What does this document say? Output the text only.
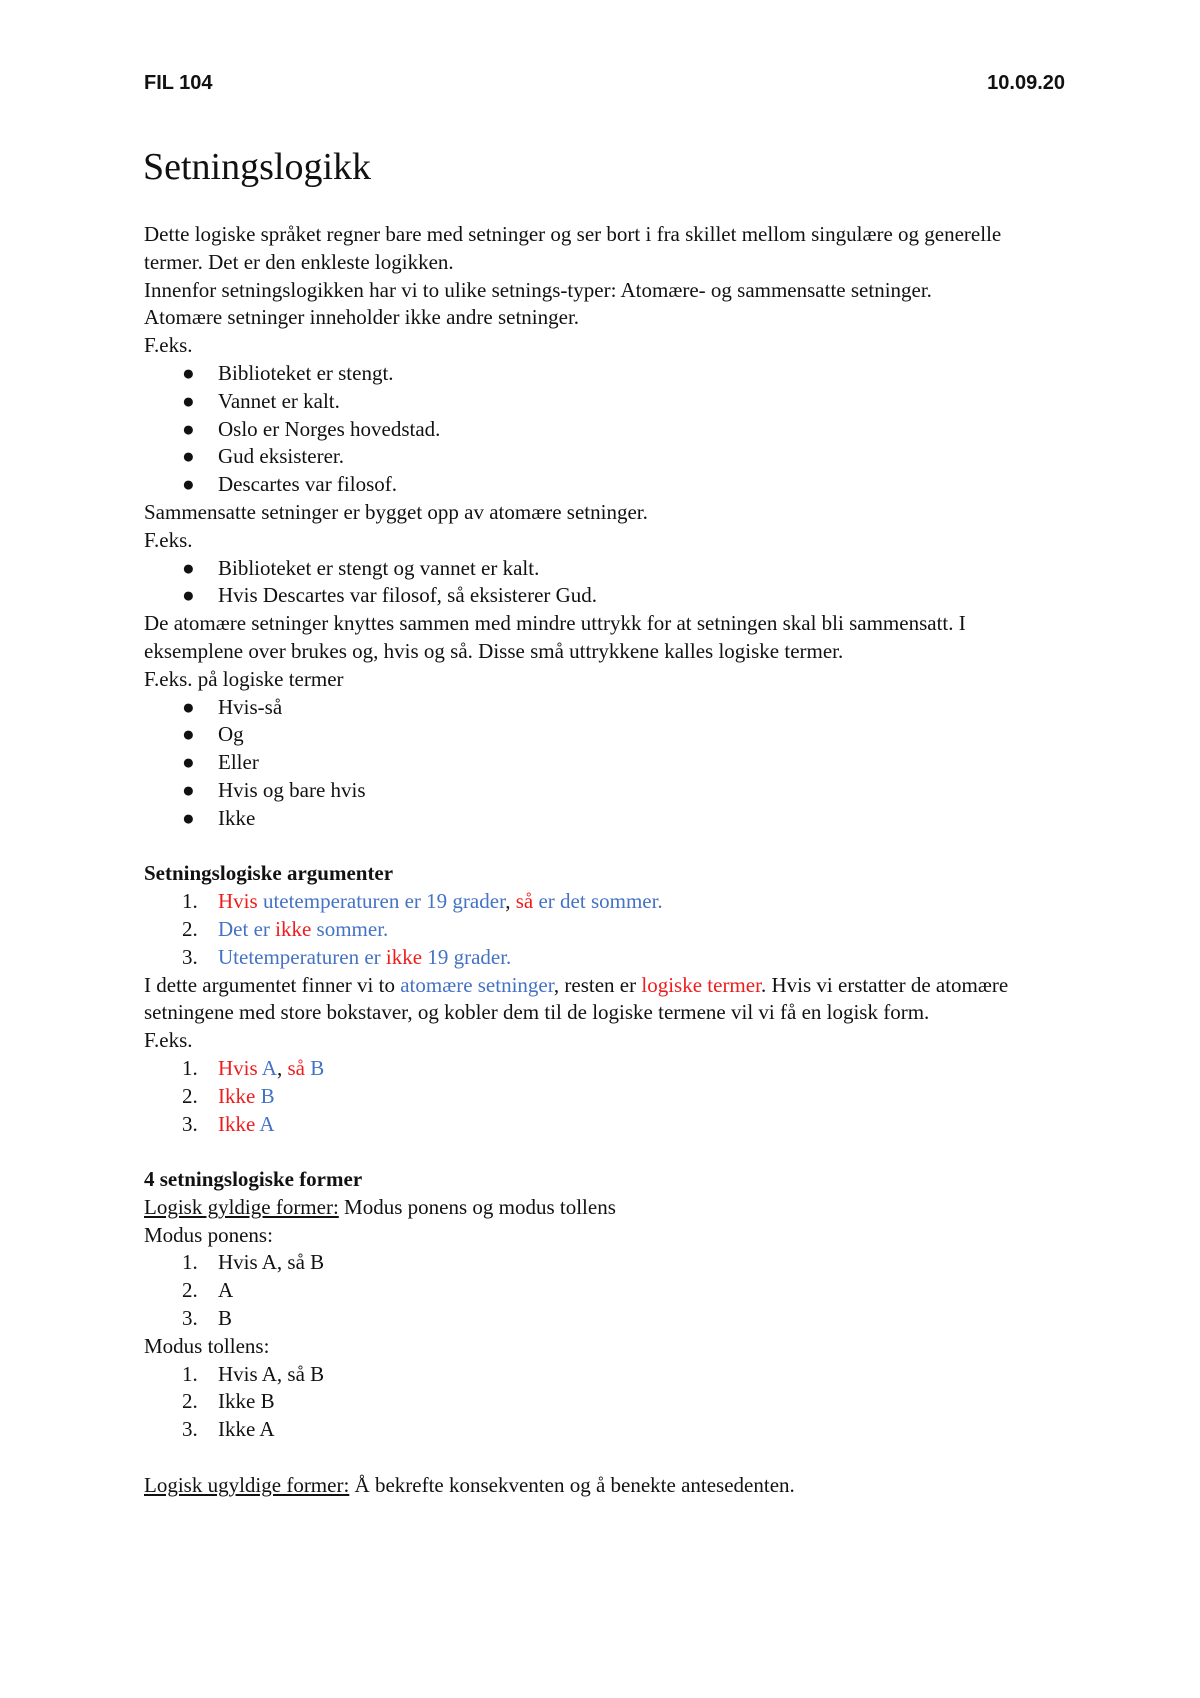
FIL 104	10.09.20
Setningslogikk

Dette logiske språket regner bare med setninger og ser bort i fra skillet mellom singulære og generelle termer. Det er den enkleste logikken.

Innenfor setningslogikken har vi to ulike setnings-typer: Atomære- og sammensatte setninger.

Atomære setninger inneholder ikke andre setninger.

F.eks.

● Biblioteket er stengt.
● Vannet er kalt.
● Oslo er Norges hovedstad.
● Gud eksisterer.
● Descartes var filosof.

Sammensatte setninger er bygget opp av atomære setninger.

F.eks.

● Biblioteket er stengt og vannet er kalt.
● Hvis Descartes var filosof, så eksisterer Gud.

De atomære setninger knyttes sammen med mindre uttrykk for at setningen skal bli sammensatt. I eksemplene over brukes og, hvis og så. Disse små uttrykkene kalles logiske termer.

F.eks. på logiske termer

● Hvis-så
● Og
● Eller
● Hvis og bare hvis
● Ikke

Setningslogiske argumenter

1. Hvis utetemperaturen er 19 grader, så er det sommer.
2. Det er ikke sommer.
3. Utetemperaturen er ikke 19 grader.

I dette argumentet finner vi to atomære setninger, resten er logiske termer. Hvis vi erstatter de atomære setningene med store bokstaver, og kobler dem til de logiske termene vil vi få en logisk form.

F.eks.

1. Hvis A, så B
2. Ikke B
3. Ikke A

4 setningslogiske former

Logisk gyldige former: Modus ponens og modus tollens

Modus ponens:

1. Hvis A, så B
2. A
3. B

Modus tollens:

1. Hvis A, så B
2. Ikke B
3. Ikke A

Logisk ugyldige former: Å bekrefte konsekventen og å benekte antesedenten.
